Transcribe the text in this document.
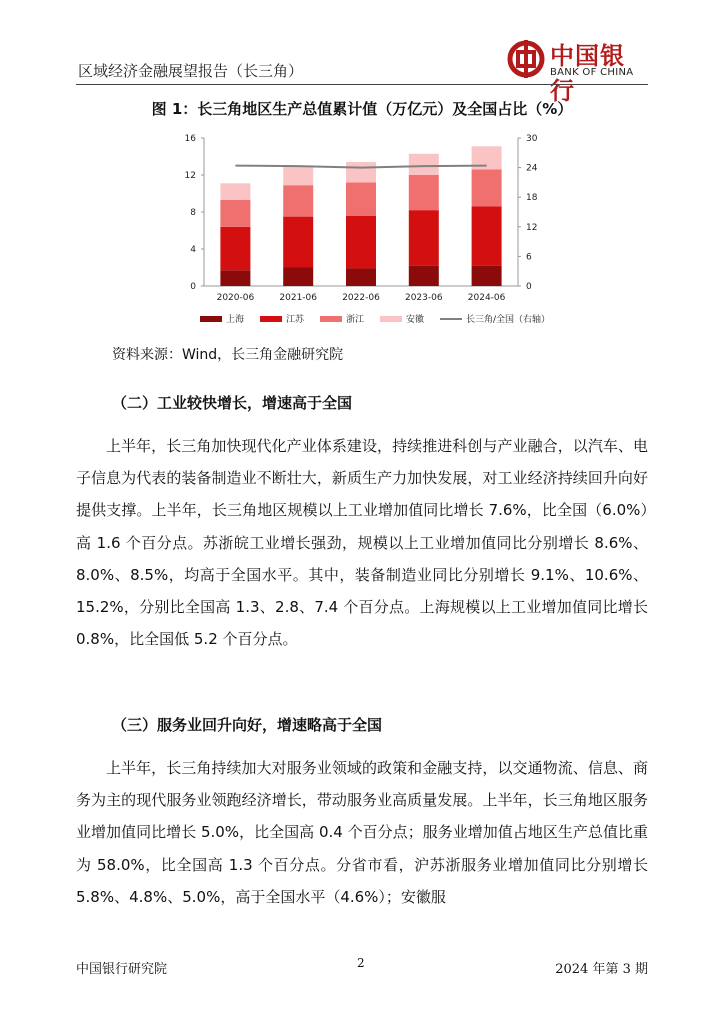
区域经济金融展望报告（长三角）
中国银行
BANK OF CHINA
图 1：长三角地区生产总值累计值（万亿元）及全国占比（%）
0
4
8
12
16
0
6
12
18
24
30
2020-06	2021-06	2022-06	2023-06	2024-06
上海	江苏	浙江	安徽	长三角/全国（右轴）
资料来源：Wind，长三角金融研究院
（二）工业较快增长，增速高于全国

上半年，长三角加快现代化产业体系建设，持续推进科创与产业融合，以汽车、电子信息为代表的装备制造业不断壮大，新质生产力加快发展，对工业经济持续回升向好提供支撑。上半年，长三角地区规模以上工业增加值同比增长 7.6%，比全国（6.0%）高 1.6 个百分点。苏浙皖工业增长强劲，规模以上工业增加值同比分别增长 8.6%、8.0%、8.5%，均高于全国水平。其中，装备制造业同比分别增长 9.1%、10.6%、15.2%，分别比全国高 1.3、2.8、7.4 个百分点。上海规模以上工业增加值同比增长 0.8%，比全国低 5.2 个百分点。

（三）服务业回升向好，增速略高于全国

上半年，长三角持续加大对服务业领域的政策和金融支持，以交通物流、信息、商务为主的现代服务业领跑经济增长，带动服务业高质量发展。上半年，长三角地区服务业增加值同比增长 5.0%，比全国高 0.4 个百分点；服务业增加值占地区生产总值比重为 58.0%，比全国高 1.3 个百分点。分省市看，沪苏浙服务业增加值同比分别增长 5.8%、4.8%、5.0%，高于全国水平（4.6%）；安徽服

中国银行研究院	2	2024 年第 3 期
